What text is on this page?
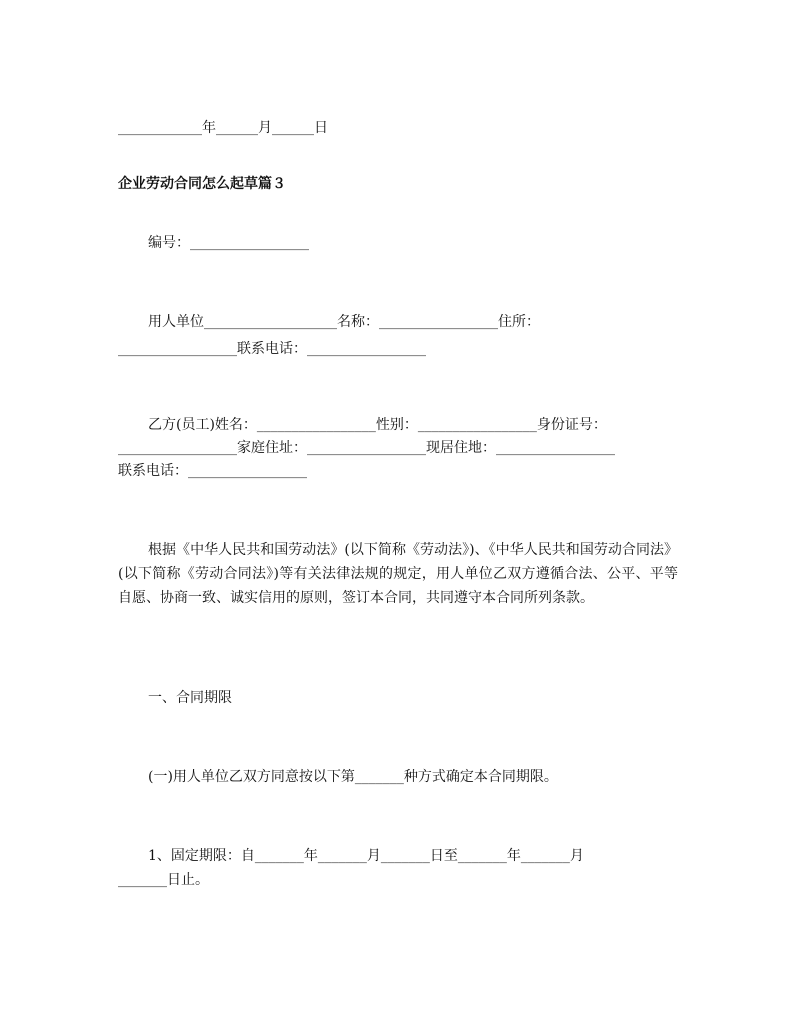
____________年______月______日
企业劳动合同怎么起草篇３
编号：_________________
用人单位___________________名称：_________________住所：
_________________联系电话：_________________
乙方(员工)姓名：_________________性别：_________________身份证号：
_________________家庭住址：_________________现居住地：_________________
联系电话：_________________
根据《中华人民共和国劳动法》(以下简称《劳动法》)、《中华人民共和国劳动合同法》(以下简称《劳动合同法》)等有关法律法规的规定，用人单位乙双方遵循合法、公平、平等自愿、协商一致、诚实信用的原则，签订本合同，共同遵守本合同所列条款。
一、合同期限
(一)用人单位乙双方同意按以下第_______种方式确定本合同期限。
1、固定期限：自_______年_______月_______日至_______年_______月
_______日止。
